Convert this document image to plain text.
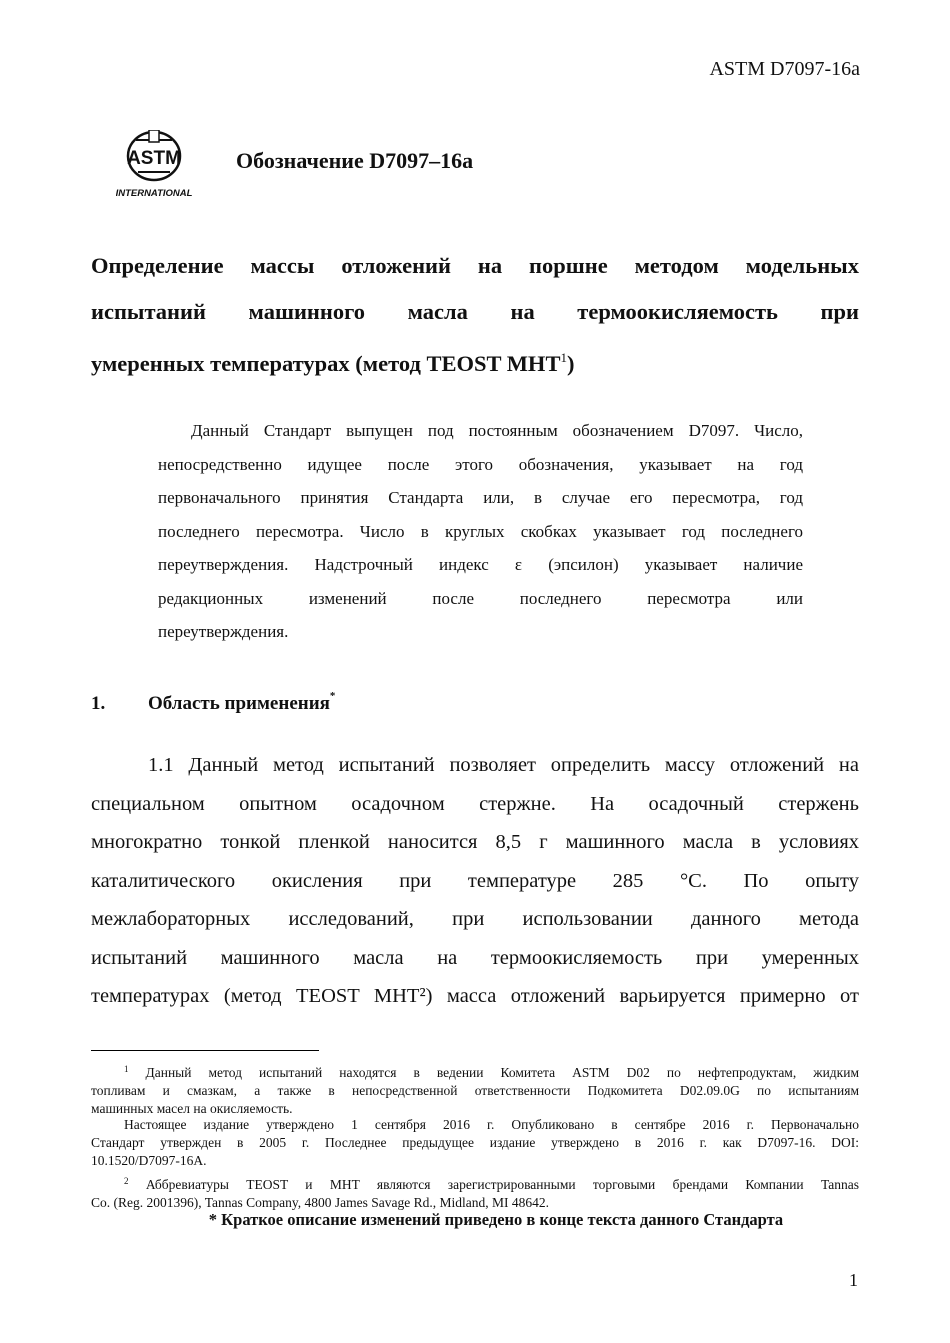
ASTM D7097-16a
ASTM
INTERNATIONAL
Обозначение D7097–16a
Определение массы отложений на поршне методом модельных
испытаний машинного масла на термоокисляемость при
умеренных температурах (метод TEOST MHT$^1$)
Данный Стандарт выпущен под постоянным обозначением D7097. Число,
непосредственно идущее после этого обозначения, указывает на год
первоначального принятия Стандарта или, в случае его пересмотра, год
последнего пересмотра. Число в круглых скобках указывает год последнего
переутверждения. Надстрочный индекс ε (эпсилон) указывает наличие
редакционных изменений после последнего пересмотра или
переутверждения.
1. Область применения*
1.1 Данный метод испытаний позволяет определить массу отложений на
специальном опытном осадочном стержне. На осадочный стержень
многократно тонкой пленкой наносится 8,5 г машинного масла в условиях
каталитического окисления при температуре 285 °C. По опыту
межлабораторных исследований, при использовании данного метода
испытаний машинного масла на термоокисляемость при умеренных
температурах (метод TEOST MHT²) масса отложений варьируется примерно от
$^1$ Данный метод испытаний находятся в ведении Комитета ASTM D02 по нефтепродуктам, жидким
топливам и смазкам, а также в непосредственной ответственности Подкомитета D02.09.0G по испытаниям
машинных масел на окисляемость.
Настоящее издание утверждено 1 сентября 2016 г. Опубликовано в сентябре 2016 г. Первоначально
Стандарт утвержден в 2005 г. Последнее предыдущее издание утверждено в 2016 г. как D7097-16. DOI:
10.1520/D7097-16A.
$^2$ Аббревиатуры TEOST и MHT являются зарегистрированными торговыми брендами Компании Tannas
Co. (Reg. 2001396), Tannas Company, 4800 James Savage Rd., Midland, MI 48642.
* Краткое описание изменений приведено в конце текста данного Стандарта
1
